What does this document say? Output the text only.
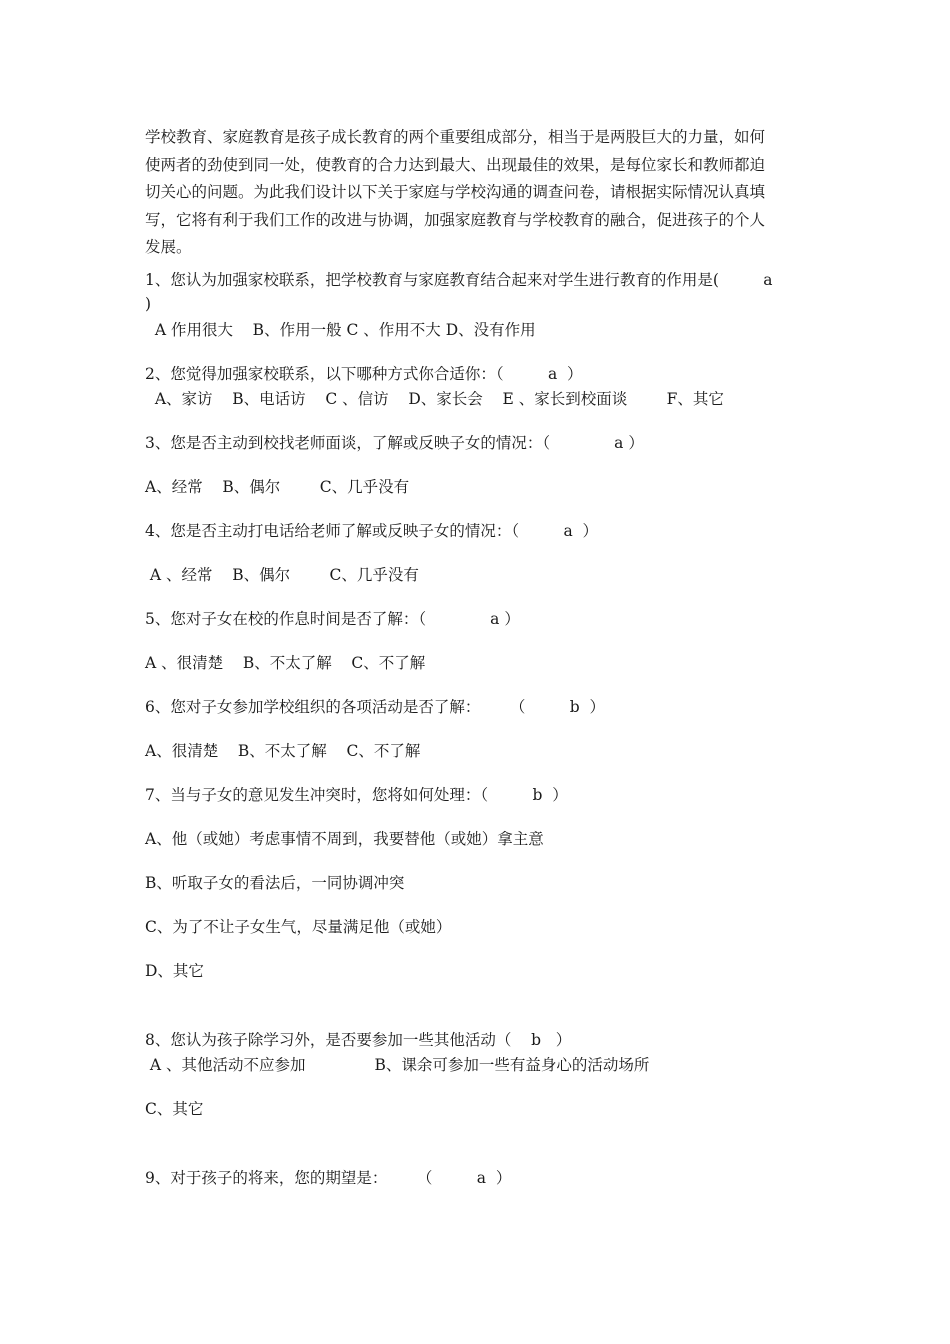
学校教育、家庭教育是孩子成长教育的两个重要组成部分，相当于是两股巨大的力量，如何

使两者的劲使到同一处，使教育的合力达到最大、出现最佳的效果，是每位家长和教师都迫

切关心的问题。为此我们设计以下关于家庭与学校沟通的调查问卷，请根据实际情况认真填

写，它将有利于我们工作的改进与协调，加强家庭教育与学校教育的融合，促进孩子的个人

发展。

1、您认为加强家校联系，把学校教育与家庭教育结合起来对学生进行教育的作用是(         a
)
A 作用很大    B、作用一般 C 、作用不大 D、没有作用
2、您觉得加强家校联系，以下哪种方式你合适你：（         a  ）
A、家访    B、电话访    C 、信访    D、家长会    E 、家长到校面谈        F、其它
3、您是否主动到校找老师面谈，了解或反映子女的情况：（             a ）
A、经常    B、偶尔        C、几乎没有
4、您是否主动打电话给老师了解或反映子女的情况：（         a  ）
A 、经常    B、偶尔        C、几乎没有
5、您对子女在校的作息时间是否了解：（             a ）
A 、很清楚    B、不太了解    C、不了解
6、您对子女参加学校组织的各项活动是否了解：      （         b  ）
A、很清楚    B、不太了解    C、不了解
7、当与子女的意见发生冲突时，您将如何处理：（         b  ）
A、他（或她）考虑事情不周到，我要替他（或她）拿主意
B、听取子女的看法后，一同协调冲突
C、为了不让子女生气，尽量满足他（或她）
D、其它
8、您认为孩子除学习外，是否要参加一些其他活动（    b   ）
A 、其他活动不应参加              B、课余可参加一些有益身心的活动场所
C、其它
9、对于孩子的将来，您的期望是：      （         a  ）
